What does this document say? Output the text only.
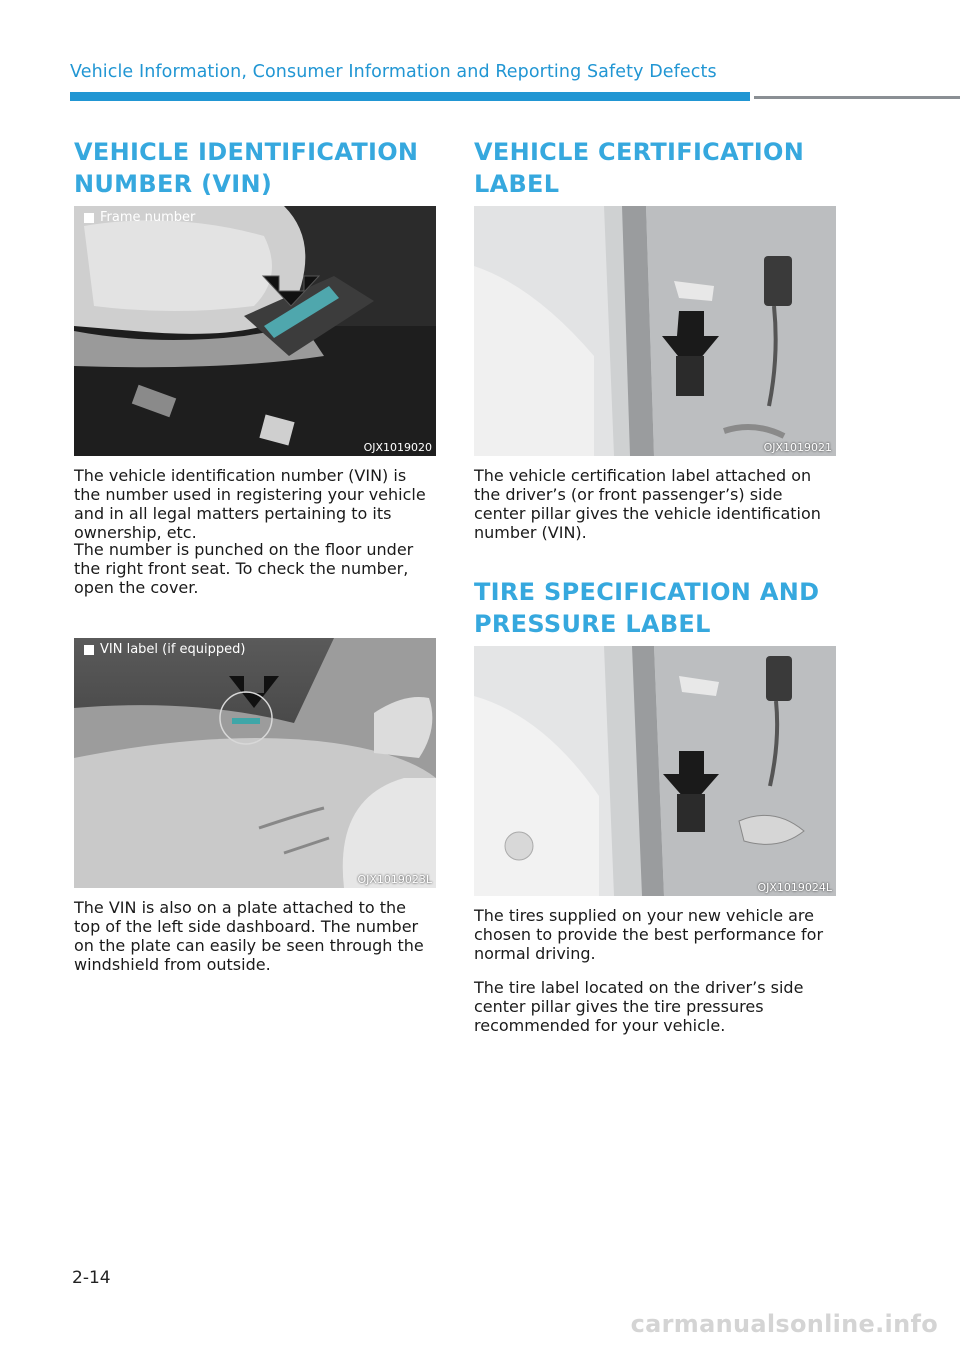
Vehicle Information, Consumer Information and Reporting Safety Defects
VEHICLE IDENTIFICATION
NUMBER (VIN)
Frame number
OJX1019020

The vehicle identification number (VIN) is the number used in registering your vehicle and in all legal matters pertaining to its ownership, etc.

The number is punched on the floor under the right front seat. To check the number, open the cover.

VIN label (if equipped)
OJX1019023L

The VIN is also on a plate attached to the top of the left side dashboard. The number on the plate can easily be seen through the windshield from outside.

VEHICLE CERTIFICATION
LABEL
OJX1019021

The vehicle certification label attached on the driver’s (or front passenger’s) side center pillar gives the vehicle identification number (VIN).

TIRE SPECIFICATION AND
PRESSURE LABEL
OJX1019024L

The tires supplied on your new vehicle are chosen to provide the best performance for normal driving.

The tire label located on the driver’s side center pillar gives the tire pressures recommended for your vehicle.

2-14
carmanualsonline.info
